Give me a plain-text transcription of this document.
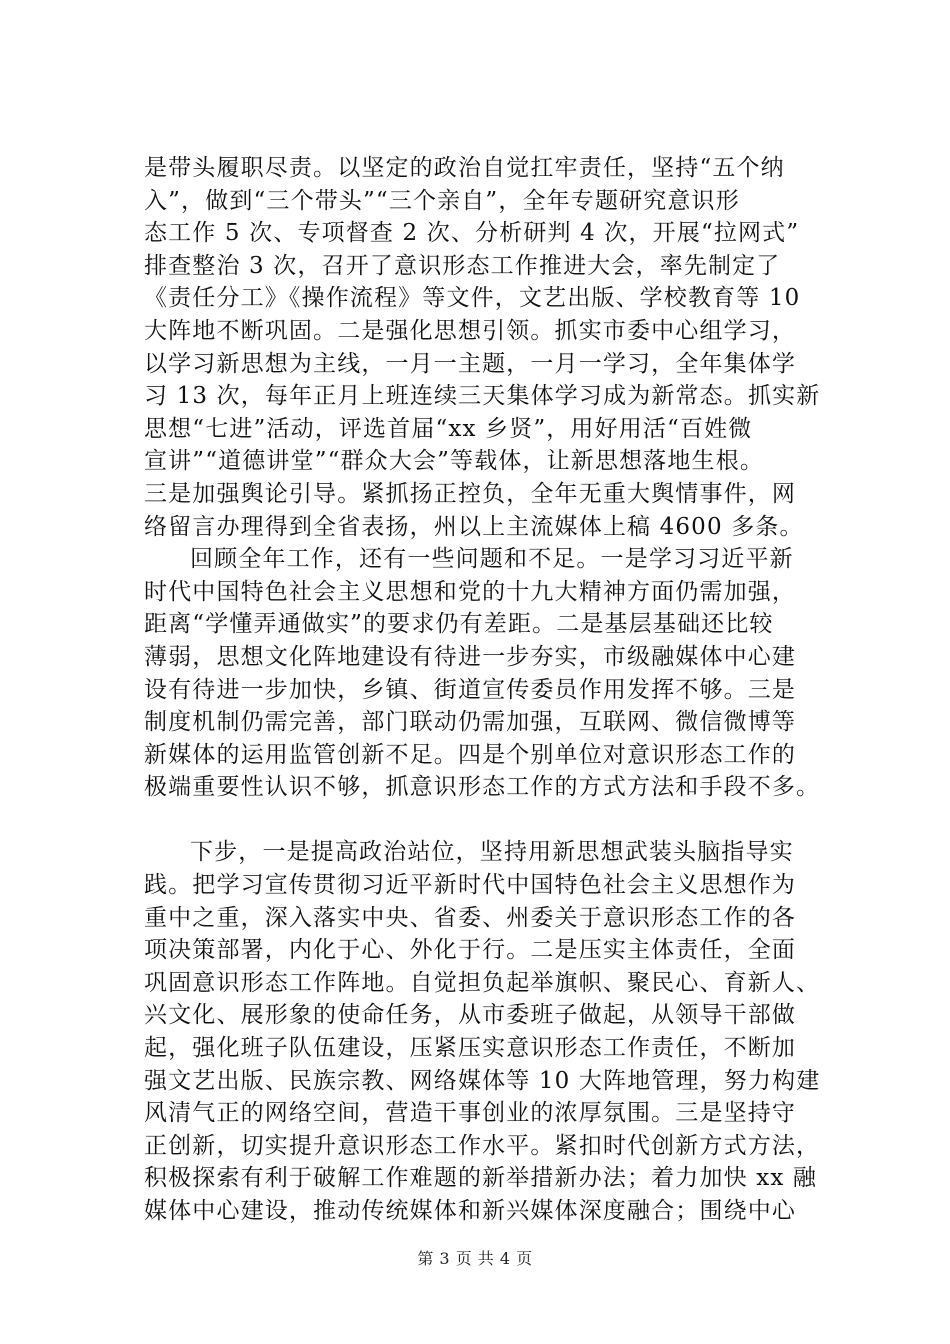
是带头履职尽责。以坚定的政治自觉扛牢责任，坚持“五个纳
入”，做到“三个带头”“三个亲自”，全年专题研究意识形
态工作 5 次、专项督查 2 次、分析研判 4 次，开展“拉网式”
排查整治 3 次，召开了意识形态工作推进大会，率先制定了
《责任分工》《操作流程》等文件，文艺出版、学校教育等 10
大阵地不断巩固。二是强化思想引领。抓实市委中心组学习，
以学习新思想为主线，一月一主题，一月一学习，全年集体学
习 13 次，每年正月上班连续三天集体学习成为新常态。抓实新
思想“七进”活动，评选首届“xx 乡贤”，用好用活“百姓微
宣讲”“道德讲堂”“群众大会”等载体，让新思想落地生根。
三是加强舆论引导。紧抓扬正控负，全年无重大舆情事件，网
络留言办理得到全省表扬，州以上主流媒体上稿 4600 多条。
回顾全年工作，还有一些问题和不足。一是学习习近平新
时代中国特色社会主义思想和党的十九大精神方面仍需加强，
距离“学懂弄通做实”的要求仍有差距。二是基层基础还比较
薄弱，思想文化阵地建设有待进一步夯实，市级融媒体中心建
设有待进一步加快，乡镇、街道宣传委员作用发挥不够。三是
制度机制仍需完善，部门联动仍需加强，互联网、微信微博等
新媒体的运用监管创新不足。四是个别单位对意识形态工作的
极端重要性认识不够，抓意识形态工作的方式方法和手段不多。
下步，一是提高政治站位，坚持用新思想武装头脑指导实
践。把学习宣传贯彻习近平新时代中国特色社会主义思想作为
重中之重，深入落实中央、省委、州委关于意识形态工作的各
项决策部署，内化于心、外化于行。二是压实主体责任，全面
巩固意识形态工作阵地。自觉担负起举旗帜、聚民心、育新人、
兴文化、展形象的使命任务，从市委班子做起，从领导干部做
起，强化班子队伍建设，压紧压实意识形态工作责任，不断加
强文艺出版、民族宗教、网络媒体等 10 大阵地管理，努力构建
风清气正的网络空间，营造干事创业的浓厚氛围。三是坚持守
正创新，切实提升意识形态工作水平。紧扣时代创新方式方法，
积极探索有利于破解工作难题的新举措新办法；着力加快 xx 融
媒体中心建设，推动传统媒体和新兴媒体深度融合；围绕中心
第 3 页 共 4 页
